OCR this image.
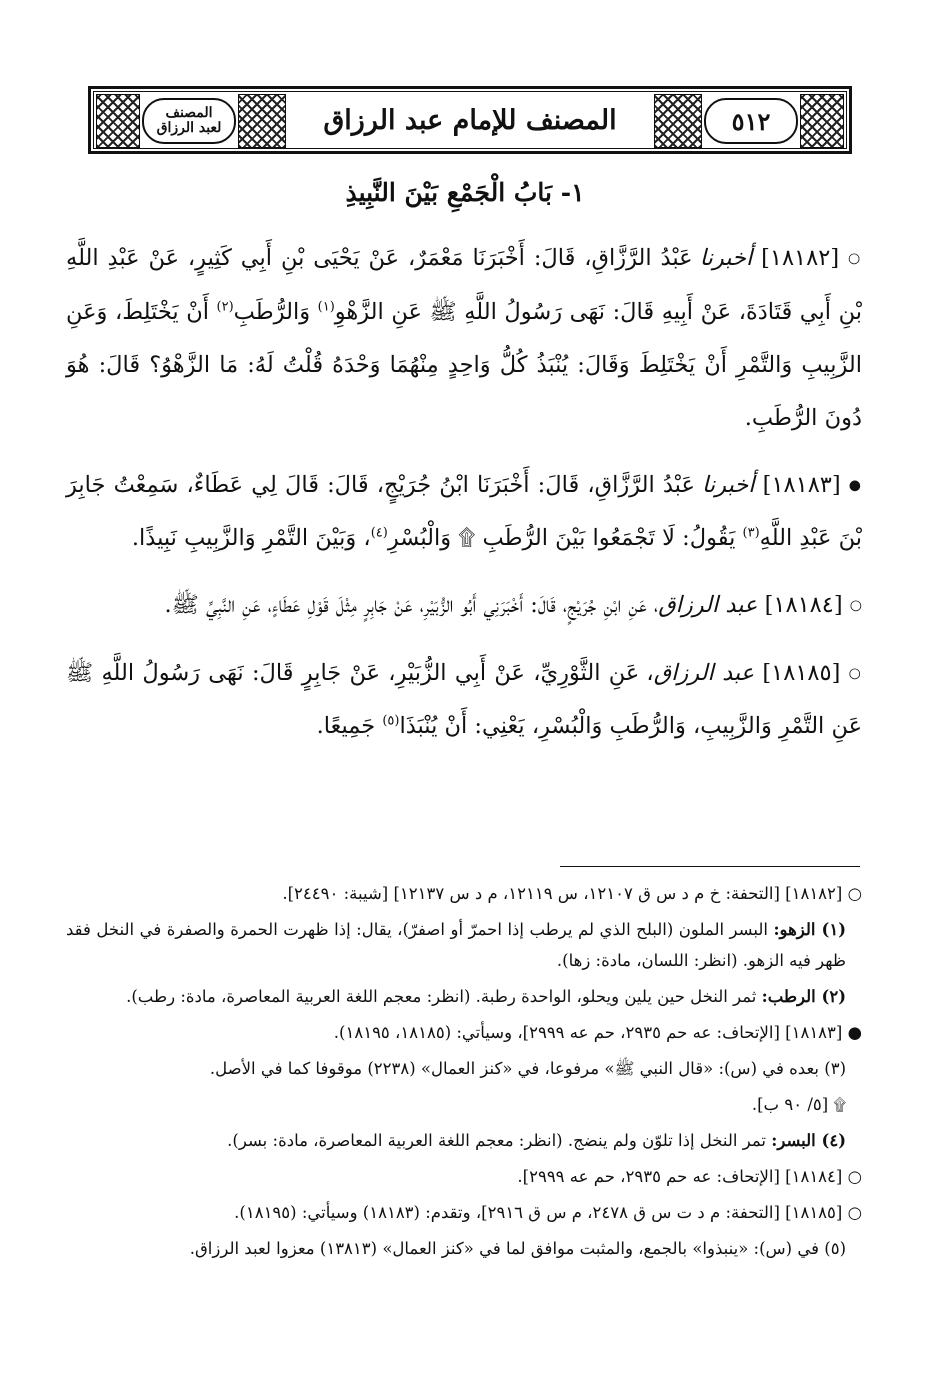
٥١٢
المصنف للإمام عبد الرزاق
المصنف
لعبد الرزاق
١- بَابُ الْجَمْعِ بَيْنَ النَّبِيذِ

○ [١٨١٨٢] أخبرنا عَبْدُ الرَّزَّاقِ، قَالَ: أَخْبَرَنَا مَعْمَرٌ، عَنْ يَحْيَى بْنِ أَبِي كَثِيرٍ، عَنْ عَبْدِ اللَّهِ بْنِ أَبِي قَتَادَةَ، عَنْ أَبِيهِ قَالَ: نَهَى رَسُولُ اللَّهِ ﷺ عَنِ الزَّهْوِ$^{(١)}$ وَالرُّطَبِ$^{(٢)}$ أَنْ يَخْتَلِطَ، وَعَنِ الزَّبِيبِ وَالتَّمْرِ أَنْ يَخْتَلِطَ وَقَالَ: يُنْبَذُ كُلُّ وَاحِدٍ مِنْهُمَا وَحْدَهُ قُلْتُ لَهُ: مَا الزَّهْوُ؟ قَالَ: هُوَ دُونَ الرُّطَبِ.

● [١٨١٨٣] أخبرنا عَبْدُ الرَّزَّاقِ، قَالَ: أَخْبَرَنَا ابْنُ جُرَيْجٍ، قَالَ: قَالَ لِي عَطَاءٌ، سَمِعْتُ جَابِرَ بْنَ عَبْدِ اللَّهِ$^{(٣)}$ يَقُولُ: لَا تَجْمَعُوا بَيْنَ الرُّطَبِ ۩ وَالْبُسْرِ$^{(٤)}$، وَبَيْنَ التَّمْرِ وَالزَّبِيبِ نَبِيذًا.

○ [١٨١٨٤] عبد الرزاق، عَنِ ابْنِ جُرَيْجٍ، قَالَ: أَخْبَرَنِي أَبُو الزُّبَيْرِ، عَنْ جَابِرٍ مِثْلَ قَوْلِ عَطَاءٍ، عَنِ النَّبِيِّ ﷺ.

○ [١٨١٨٥] عبد الرزاق، عَنِ الثَّوْرِيِّ، عَنْ أَبِي الزُّبَيْرِ، عَنْ جَابِرٍ قَالَ: نَهَى رَسُولُ اللَّهِ ﷺ عَنِ التَّمْرِ وَالزَّبِيبِ، وَالرُّطَبِ وَالْبُسْرِ، يَعْنِي: أَنْ يُنْبَذَا$^{(٥)}$ جَمِيعًا.

○ [١٨١٨٢] [التحفة: خ م د س ق ١٢١٠٧، س ١٢١١٩، م د س ١٢١٣٧] [شيبة: ٢٤٤٩٠].

(١) الزهو: البسر الملون (البلح الذي لم يرطب إذا احمرّ أو اصفرّ)، يقال: إذا ظهرت الحمرة والصفرة في النخل فقد ظهر فيه الزهو. (انظر: اللسان، مادة: زها).

(٢) الرطب: ثمر النخل حين يلين ويحلو، الواحدة رطبة. (انظر: معجم اللغة العربية المعاصرة، مادة: رطب).

● [١٨١٨٣] [الإتحاف: عه حم ٢٩٣٥، حم عه ٢٩٩٩]، وسيأتي: (١٨١٨٥، ١٨١٩٥).

(٣) بعده في (س): «قال النبي ﷺ» مرفوعا، في «كنز العمال» (٢٢٣٨) موقوفا كما في الأصل.

۩ [٥/ ٩٠ ب].

(٤) البسر: تمر النخل إذا تلوّن ولم ينضج. (انظر: معجم اللغة العربية المعاصرة، مادة: بسر).

○ [١٨١٨٤] [الإتحاف: عه حم ٢٩٣٥، حم عه ٢٩٩٩].

○ [١٨١٨٥] [التحفة: م د ت س ق ٢٤٧٨، م س ق ٢٩١٦]، وتقدم: (١٨١٨٣) وسيأتي: (١٨١٩٥).

(٥) في (س): «ينبذوا» بالجمع، والمثبت موافق لما في «كنز العمال» (١٣٨١٣) معزوا لعبد الرزاق.
